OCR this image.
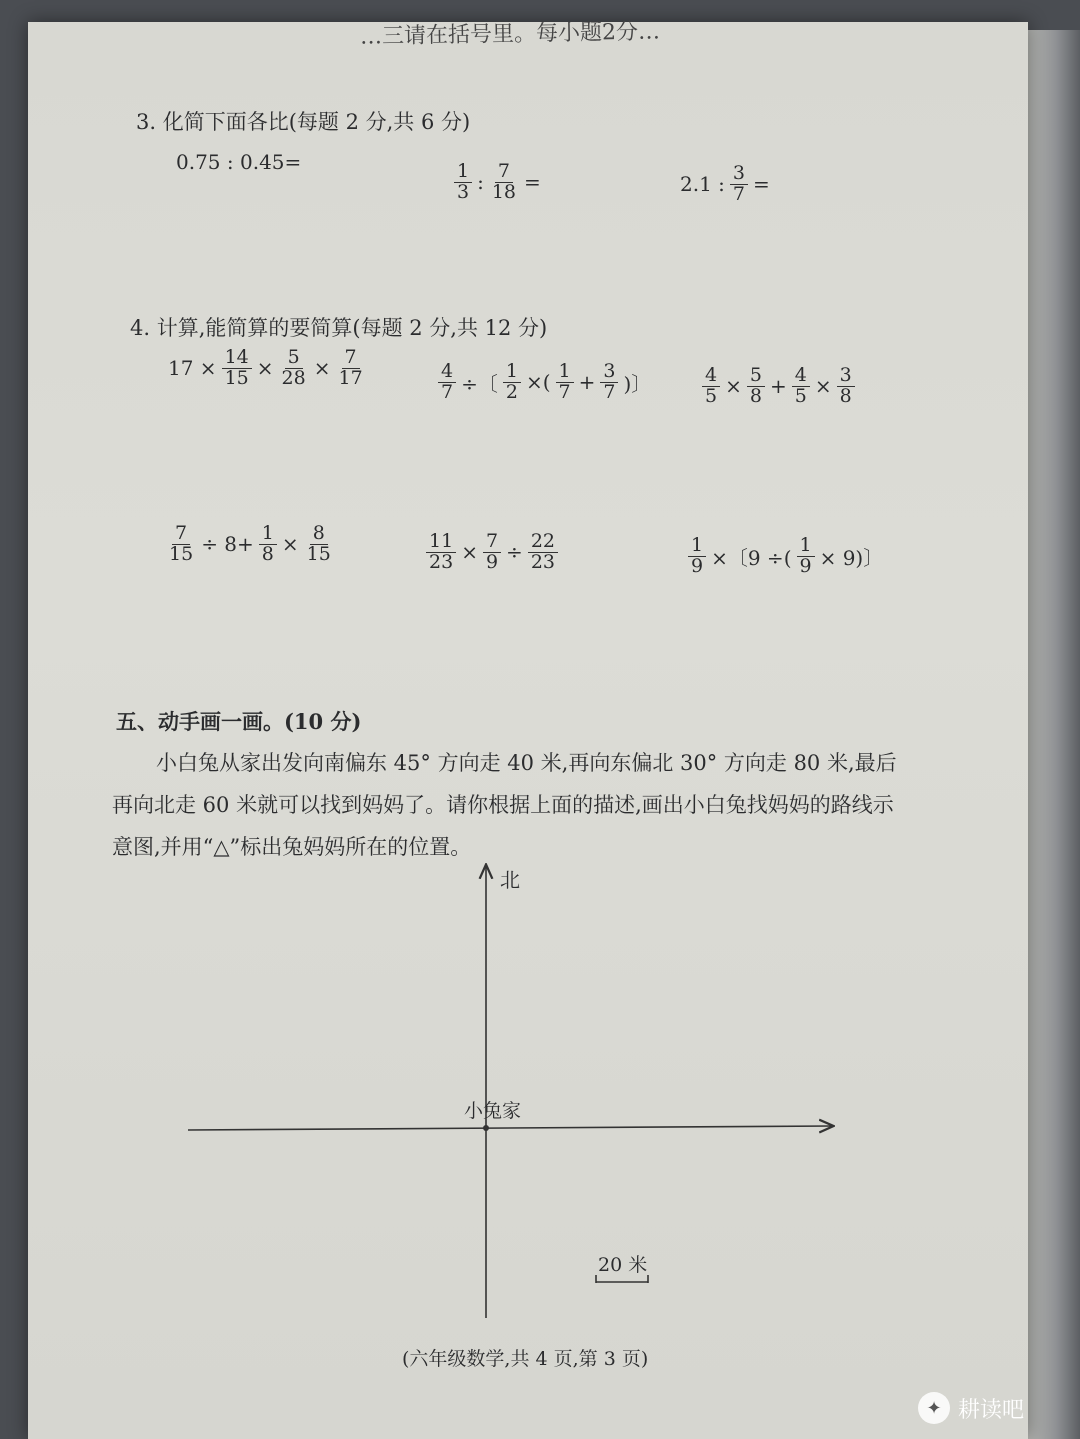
…三请在括号里。每小题2分…
3. 化简下面各比(每题 2 分,共 6 分)
0.75 : 0.45=	$\frac{1}{3}$ : $\frac{7}{18}$ =	2.1 : $\frac{3}{7}$ =
4. 计算,能简算的要简算(每题 2 分,共 12 分)
$17 \times \frac{14}{15} \times \frac{5}{28} \times \frac{7}{17}$	$\frac{4}{7}$ ÷〔 $\frac{1}{2}$ ×( $\frac{1}{7} + \frac{3}{7}$ )〕	$\frac{4}{5} \times \frac{5}{8} + \frac{4}{5} \times \frac{3}{8}$
$\frac{7}{15} \div 8+ \frac{1}{8} \times \frac{8}{15}$	$\frac{11}{23} \times \frac{7}{9} \div \frac{22}{23}$	$\frac{1}{9}$ ×〔9 ÷( $\frac{1}{9} \times 9$)〕
五、动手画一画。(10 分)
小白兔从家出发向南偏东 45° 方向走 40 米,再向东偏北 30° 方向走 80 米,最后再向北走 60 米就可以找到妈妈了。请你根据上面的描述,画出小白兔找妈妈的路线示意图,并用“△”标出兔妈妈所在的位置。
北
小兔家
20 米
(六年级数学,共 4 页,第 3 页)
✦ 耕读吧
